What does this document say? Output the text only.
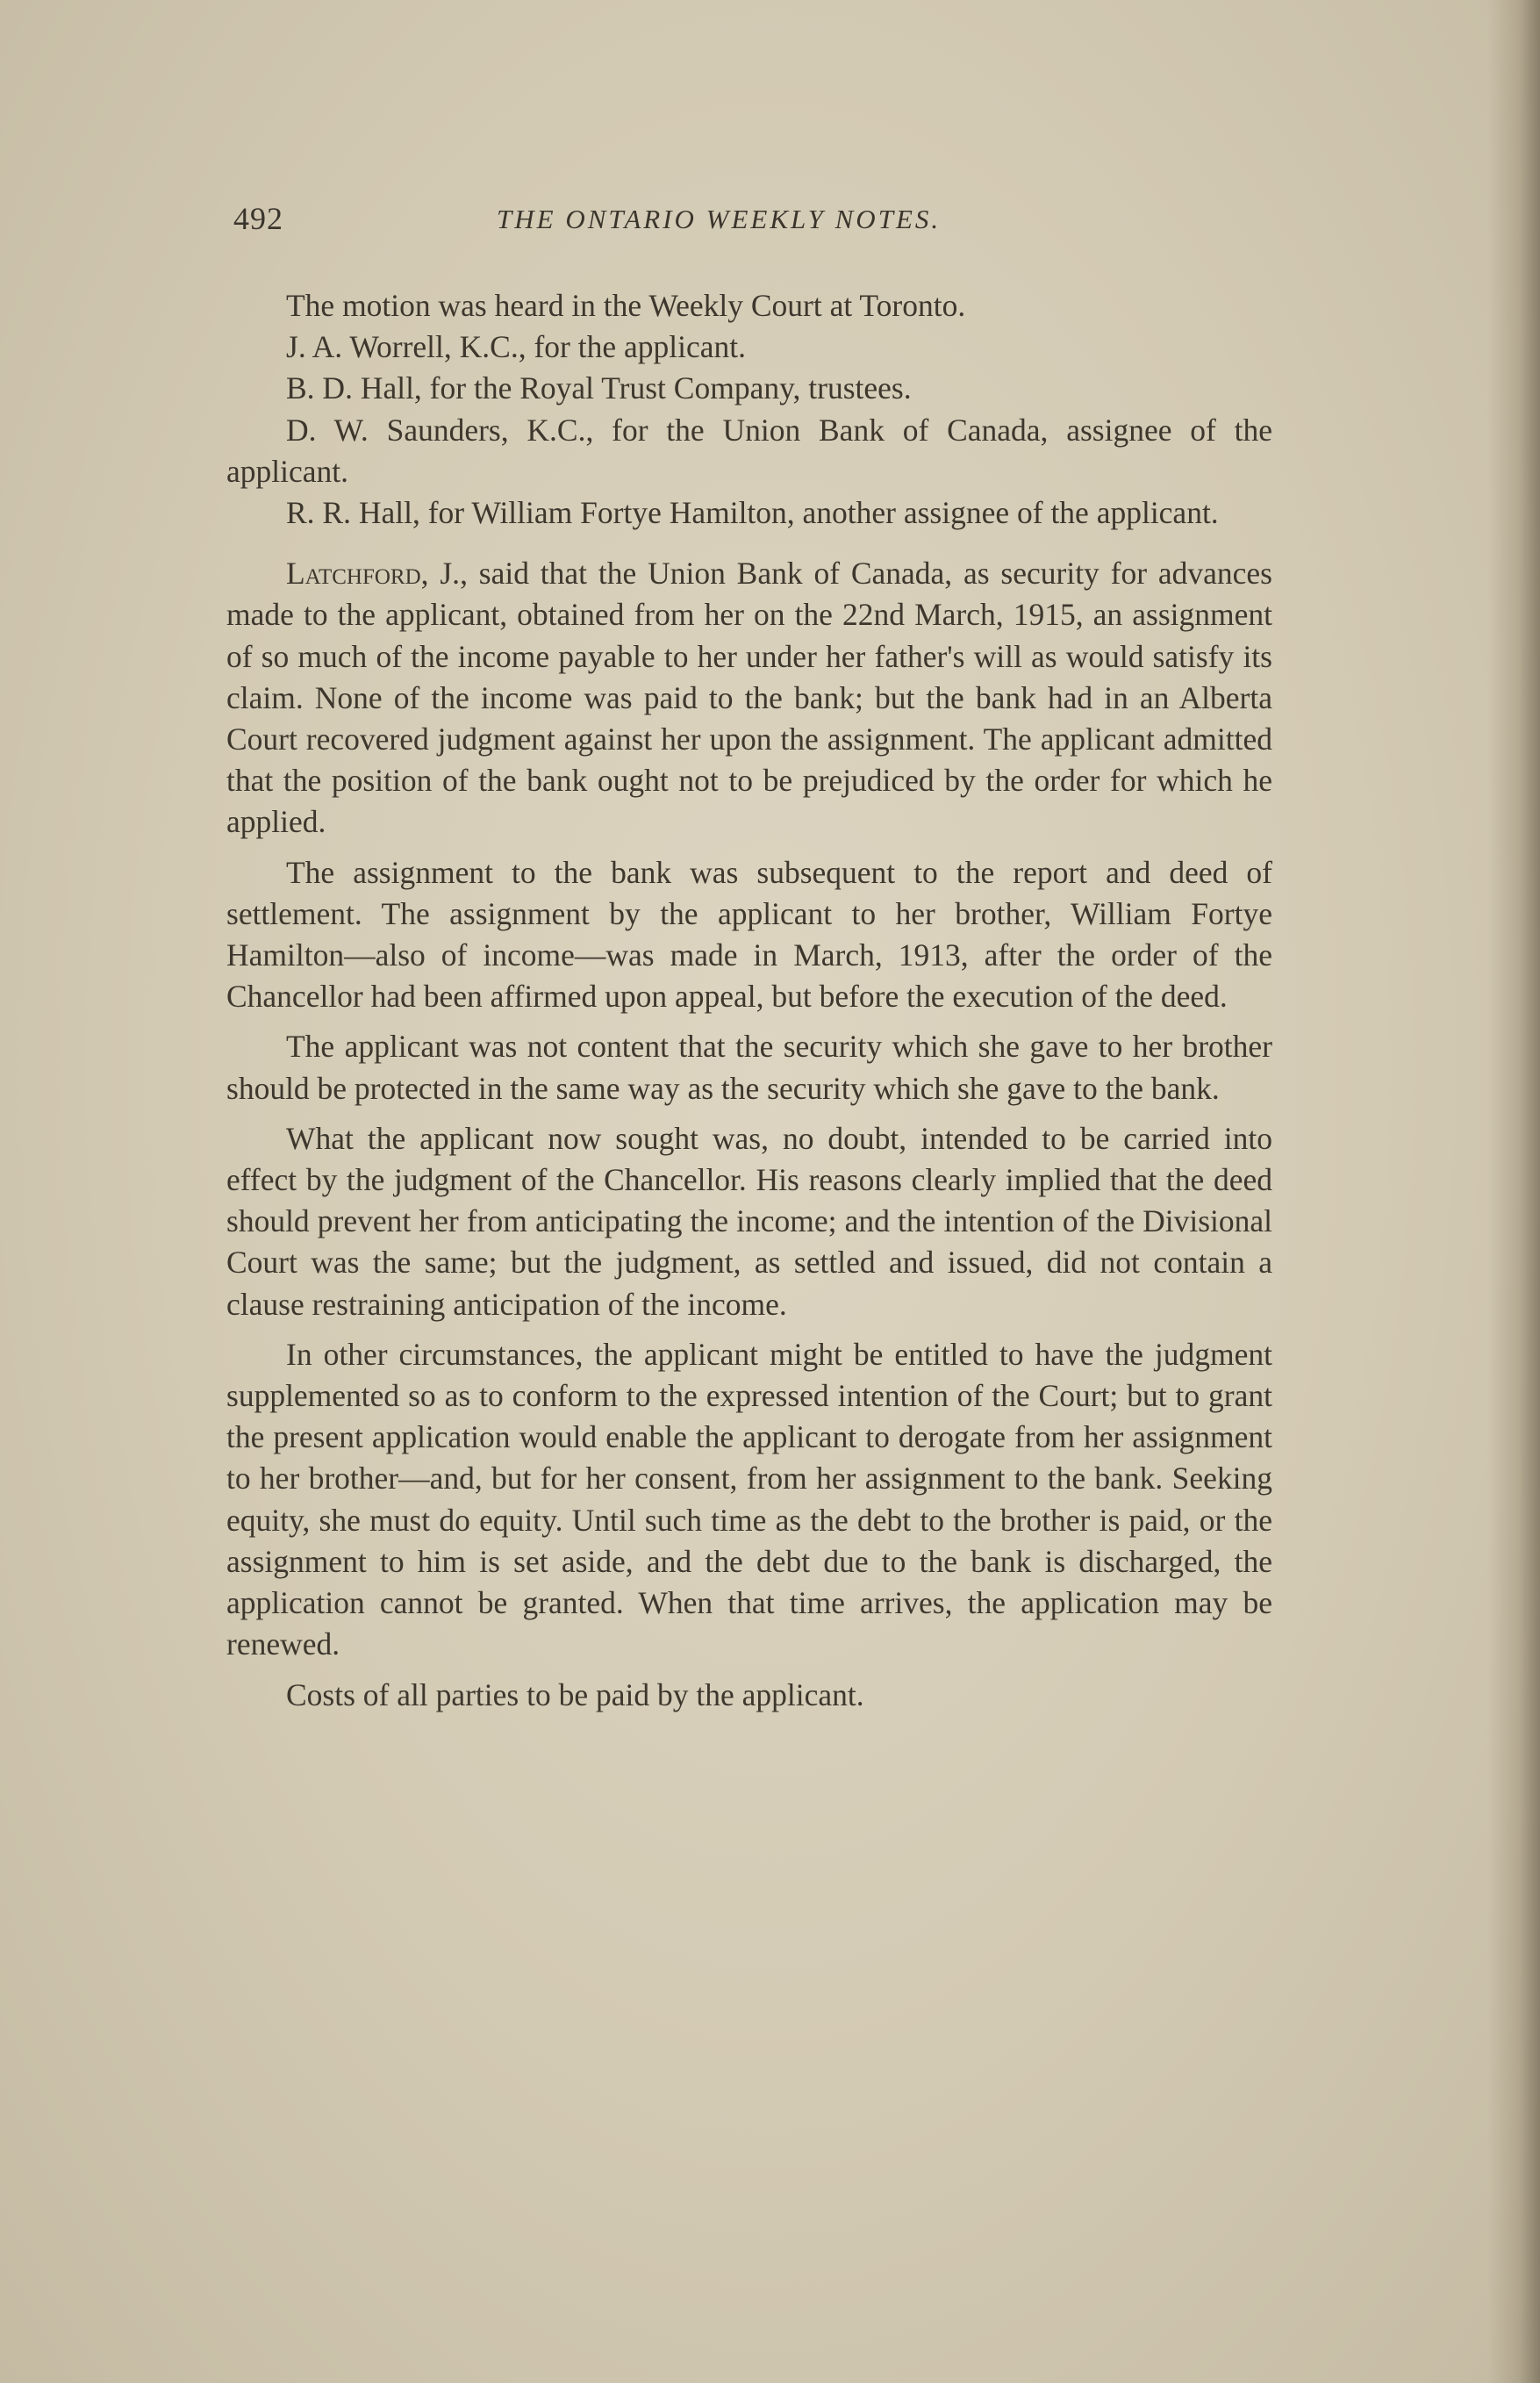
492	THE ONTARIO WEEKLY NOTES.

The motion was heard in the Weekly Court at Toronto.

J. A. Worrell, K.C., for the applicant.

B. D. Hall, for the Royal Trust Company, trustees.

D. W. Saunders, K.C., for the Union Bank of Canada, assignee of the applicant.

R. R. Hall, for William Fortye Hamilton, another assignee of the applicant.

Latchford, J., said that the Union Bank of Canada, as security for advances made to the applicant, obtained from her on the 22nd March, 1915, an assignment of so much of the income payable to her under her father's will as would satisfy its claim. None of the income was paid to the bank; but the bank had in an Alberta Court recovered judgment against her upon the assignment. The applicant admitted that the position of the bank ought not to be prejudiced by the order for which he applied.

The assignment to the bank was subsequent to the report and deed of settlement. The assignment by the applicant to her brother, William Fortye Hamilton—also of income—was made in March, 1913, after the order of the Chancellor had been affirmed upon appeal, but before the execution of the deed.

The applicant was not content that the security which she gave to her brother should be protected in the same way as the security which she gave to the bank.

What the applicant now sought was, no doubt, intended to be carried into effect by the judgment of the Chancellor. His reasons clearly implied that the deed should prevent her from anticipating the income; and the intention of the Divisional Court was the same; but the judgment, as settled and issued, did not contain a clause restraining anticipation of the income.

In other circumstances, the applicant might be entitled to have the judgment supplemented so as to conform to the expressed intention of the Court; but to grant the present application would enable the applicant to derogate from her assignment to her brother—and, but for her consent, from her assignment to the bank. Seeking equity, she must do equity. Until such time as the debt to the brother is paid, or the assignment to him is set aside, and the debt due to the bank is discharged, the application cannot be granted. When that time arrives, the application may be renewed.

Costs of all parties to be paid by the applicant.
